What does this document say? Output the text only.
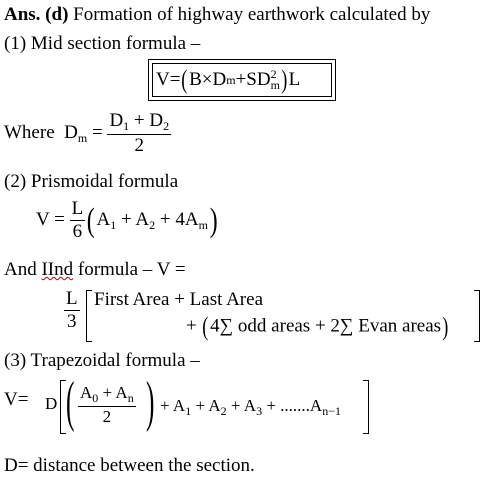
Ans. (d) Formation of highway earthwork calculated by
(1) Mid section formula –
V= ( B×D m +SD 2
m ) L
Where $D_m = \frac{D_1 + D_2}{2}$
(2) Prismoidal formula
$V = \frac{L}{6} (A_1 + A_2 + 4A_m)$
And IInd formula – V =
$\frac{L}{3}$ First Area + Last Area
+ (4∑ odd areas + 2∑ Evan areas)
(3) Trapezoidal formula –
V= D ( $\frac{A_0 + A_n}{2}$ ) + $A_1 + A_2 + A_3 + .......A_{n-1}$
D= distance between the section.
